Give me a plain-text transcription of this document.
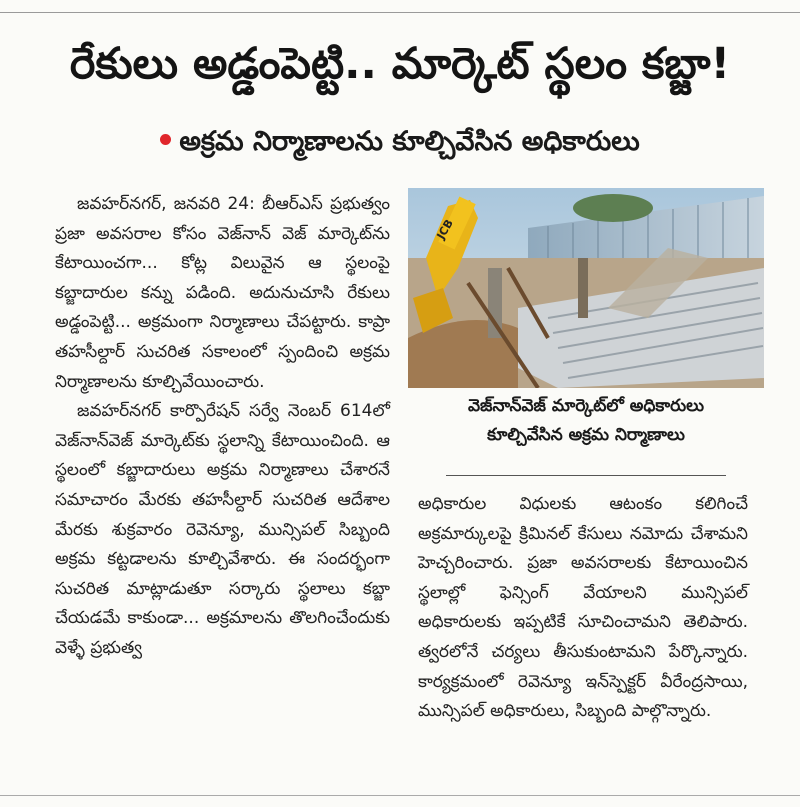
రేకులు అడ్డంపెట్టి.. మార్కెట్ స్థలం కబ్జా!
అక్రమ నిర్మాణాలను కూల్చివేసిన అధికారులు

జవహర్‌నగర్, జనవరి 24: బీఆర్ఎస్ ప్రభుత్వం ప్రజా అవసరాల కోసం వెజ్‌నాన్ వెజ్ మార్కెట్‌ను కేటాయించగా... కోట్ల విలువైన ఆ స్థలంపై కబ్జాదారుల కన్ను పడింది. అదునుచూసి రేకులు అడ్డంపెట్టి... అక్రమంగా నిర్మాణాలు చేపట్టారు. కాప్రా తహసీల్దార్ సుచరిత సకాలంలో స్పందించి అక్రమ నిర్మాణాలను కూల్చివేయించారు.

జవహర్‌నగర్ కార్పొరేషన్ సర్వే నెంబర్ 614లో వెజ్‌నాన్‌వెజ్ మార్కెట్‌కు స్థలాన్ని కేటాయించింది. ఆ స్థలంలో కబ్జాదారులు అక్రమ నిర్మాణాలు చేశారనే సమాచారం మేరకు తహసీల్దార్ సుచరిత ఆదేశాల మేరకు శుక్రవారం రెవెన్యూ, మున్సిపల్ సిబ్బంది అక్రమ కట్టడాలను కూల్చివేశారు. ఈ సందర్భంగా సుచరిత మాట్లాడుతూ సర్కారు స్థలాలు కబ్జా చేయడమే కాకుండా... అక్రమాలను తొలగించేందుకు వెళ్ళే ప్రభుత్వ

JCB
వెజ్‌నాన్‌వెజ్ మార్కెట్‌లో అధికారులు
కూల్చివేసిన అక్రమ నిర్మాణాలు

అధికారుల విధులకు ఆటంకం కలిగించే అక్రమార్కులపై క్రిమినల్ కేసులు నమోదు చేశామని హెచ్చరించారు. ప్రజా అవసరాలకు కేటాయించిన స్థలాల్లో ఫెన్సింగ్ వేయాలని మున్సిపల్ అధికారులకు ఇప్పటికే సూచించామని తెలిపారు. త్వరలోనే చర్యలు తీసుకుంటామని పేర్కొన్నారు. కార్యక్రమంలో రెవెన్యూ ఇన్‌స్పెక్టర్ వీరేంద్రసాయి, మున్సిపల్ అధికారులు, సిబ్బంది పాల్గొన్నారు.
